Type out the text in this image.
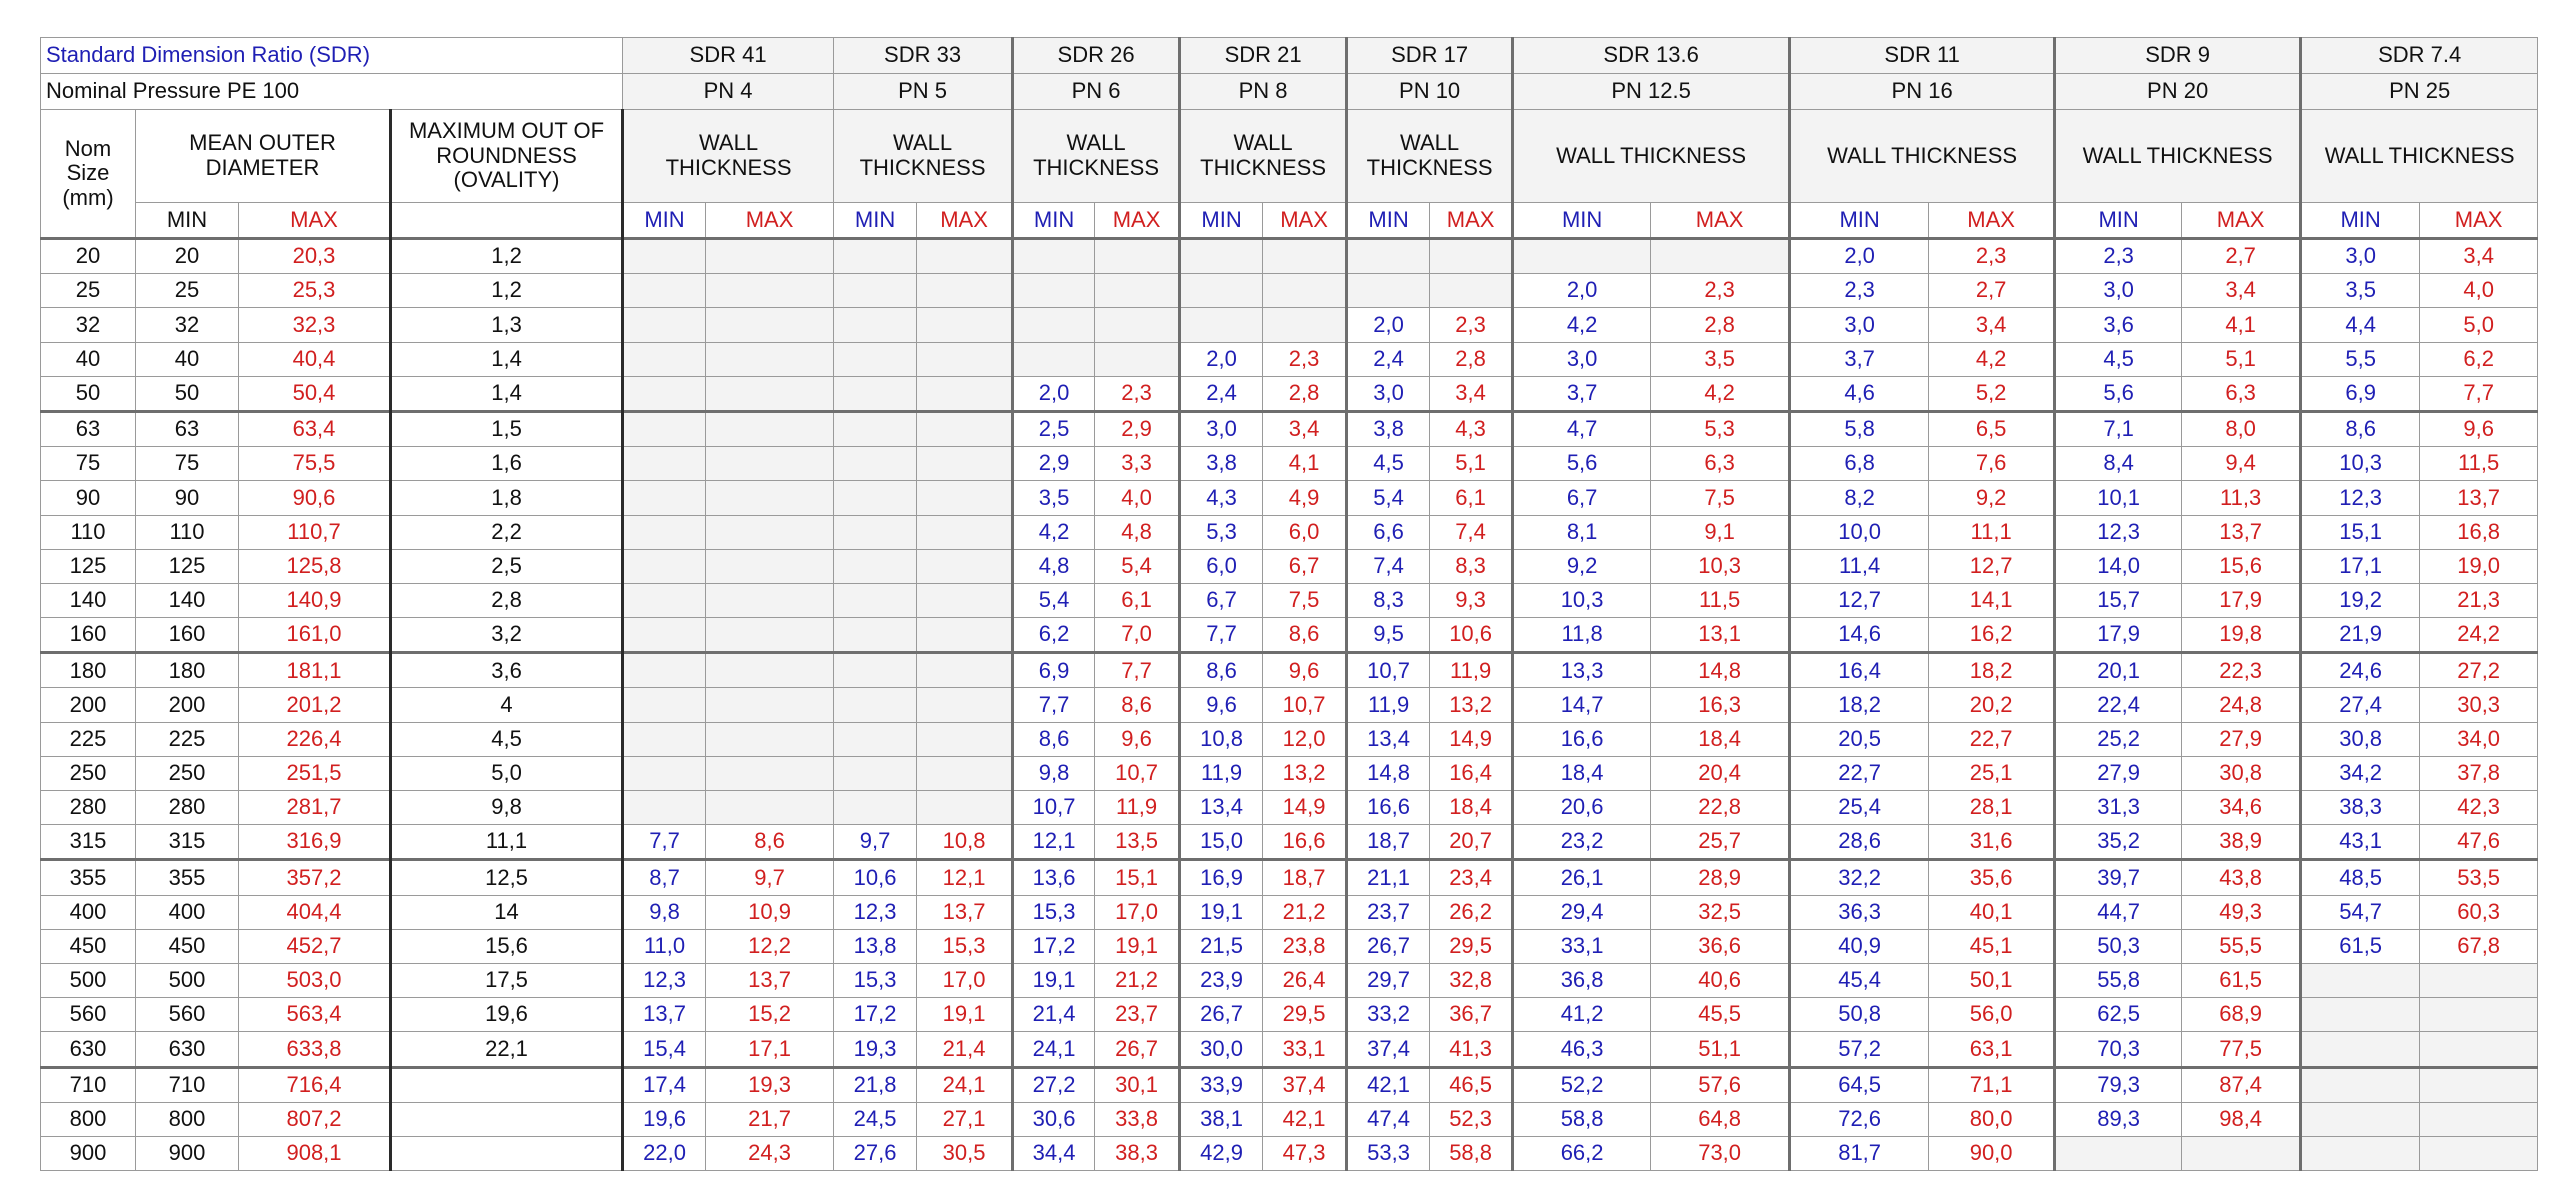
Standard Dimension Ratio (SDR)				SDR 41		SDR 33		SDR 26		SDR 21		SDR 17		SDR 13.6		SDR 11		SDR 9		SDR 7.4	
Nominal Pressure PE 100				PN 4		PN 5		PN 6		PN 8		PN 10		PN 12.5		PN 16		PN 20		PN 25	
Nom Size (mm)	MEAN OUTER DIAMETER		MAXIMUM OUT OF ROUNDNESS (OVALITY)	WALL THICKNESS		WALL THICKNESS		WALL THICKNESS		WALL THICKNESS		WALL THICKNESS		WALL THICKNESS		WALL THICKNESS		WALL THICKNESS		WALL THICKNESS	
	MIN	MAX		MIN	MAX	MIN	MAX	MIN	MAX	MIN	MAX	MIN	MAX	MIN	MAX	MIN	MAX	MIN	MAX	MIN	MAX
20	20	20,3	1,2													2,0	2,3	2,3	2,7	3,0	3,4
25	25	25,3	1,2											2,0	2,3	2,3	2,7	3,0	3,4	3,5	4,0
32	32	32,3	1,3									2,0	2,3	4,2	2,8	3,0	3,4	3,6	4,1	4,4	5,0
40	40	40,4	1,4							2,0	2,3	2,4	2,8	3,0	3,5	3,7	4,2	4,5	5,1	5,5	6,2
50	50	50,4	1,4					2,0	2,3	2,4	2,8	3,0	3,4	3,7	4,2	4,6	5,2	5,6	6,3	6,9	7,7
63	63	63,4	1,5					2,5	2,9	3,0	3,4	3,8	4,3	4,7	5,3	5,8	6,5	7,1	8,0	8,6	9,6
75	75	75,5	1,6					2,9	3,3	3,8	4,1	4,5	5,1	5,6	6,3	6,8	7,6	8,4	9,4	10,3	11,5
90	90	90,6	1,8					3,5	4,0	4,3	4,9	5,4	6,1	6,7	7,5	8,2	9,2	10,1	11,3	12,3	13,7
110	110	110,7	2,2					4,2	4,8	5,3	6,0	6,6	7,4	8,1	9,1	10,0	11,1	12,3	13,7	15,1	16,8
125	125	125,8	2,5					4,8	5,4	6,0	6,7	7,4	8,3	9,2	10,3	11,4	12,7	14,0	15,6	17,1	19,0
140	140	140,9	2,8					5,4	6,1	6,7	7,5	8,3	9,3	10,3	11,5	12,7	14,1	15,7	17,9	19,2	21,3
160	160	161,0	3,2					6,2	7,0	7,7	8,6	9,5	10,6	11,8	13,1	14,6	16,2	17,9	19,8	21,9	24,2
180	180	181,1	3,6					6,9	7,7	8,6	9,6	10,7	11,9	13,3	14,8	16,4	18,2	20,1	22,3	24,6	27,2
200	200	201,2	4					7,7	8,6	9,6	10,7	11,9	13,2	14,7	16,3	18,2	20,2	22,4	24,8	27,4	30,3
225	225	226,4	4,5					8,6	9,6	10,8	12,0	13,4	14,9	16,6	18,4	20,5	22,7	25,2	27,9	30,8	34,0
250	250	251,5	5,0					9,8	10,7	11,9	13,2	14,8	16,4	18,4	20,4	22,7	25,1	27,9	30,8	34,2	37,8
280	280	281,7	9,8					10,7	11,9	13,4	14,9	16,6	18,4	20,6	22,8	25,4	28,1	31,3	34,6	38,3	42,3
315	315	316,9	11,1	7,7	8,6	9,7	10,8	12,1	13,5	15,0	16,6	18,7	20,7	23,2	25,7	28,6	31,6	35,2	38,9	43,1	47,6
355	355	357,2	12,5	8,7	9,7	10,6	12,1	13,6	15,1	16,9	18,7	21,1	23,4	26,1	28,9	32,2	35,6	39,7	43,8	48,5	53,5
400	400	404,4	14	9,8	10,9	12,3	13,7	15,3	17,0	19,1	21,2	23,7	26,2	29,4	32,5	36,3	40,1	44,7	49,3	54,7	60,3
450	450	452,7	15,6	11,0	12,2	13,8	15,3	17,2	19,1	21,5	23,8	26,7	29,5	33,1	36,6	40,9	45,1	50,3	55,5	61,5	67,8
500	500	503,0	17,5	12,3	13,7	15,3	17,0	19,1	21,2	23,9	26,4	29,7	32,8	36,8	40,6	45,4	50,1	55,8	61,5		
560	560	563,4	19,6	13,7	15,2	17,2	19,1	21,4	23,7	26,7	29,5	33,2	36,7	41,2	45,5	50,8	56,0	62,5	68,9		
630	630	633,8	22,1	15,4	17,1	19,3	21,4	24,1	26,7	30,0	33,1	37,4	41,3	46,3	51,1	57,2	63,1	70,3	77,5		
710	710	716,4		17,4	19,3	21,8	24,1	27,2	30,1	33,9	37,4	42,1	46,5	52,2	57,6	64,5	71,1	79,3	87,4		
800	800	807,2		19,6	21,7	24,5	27,1	30,6	33,8	38,1	42,1	47,4	52,3	58,8	64,8	72,6	80,0	89,3	98,4		
900	900	908,1		22,0	24,3	27,6	30,5	34,4	38,3	42,9	47,3	53,3	58,8	66,2	73,0	81,7	90,0				
